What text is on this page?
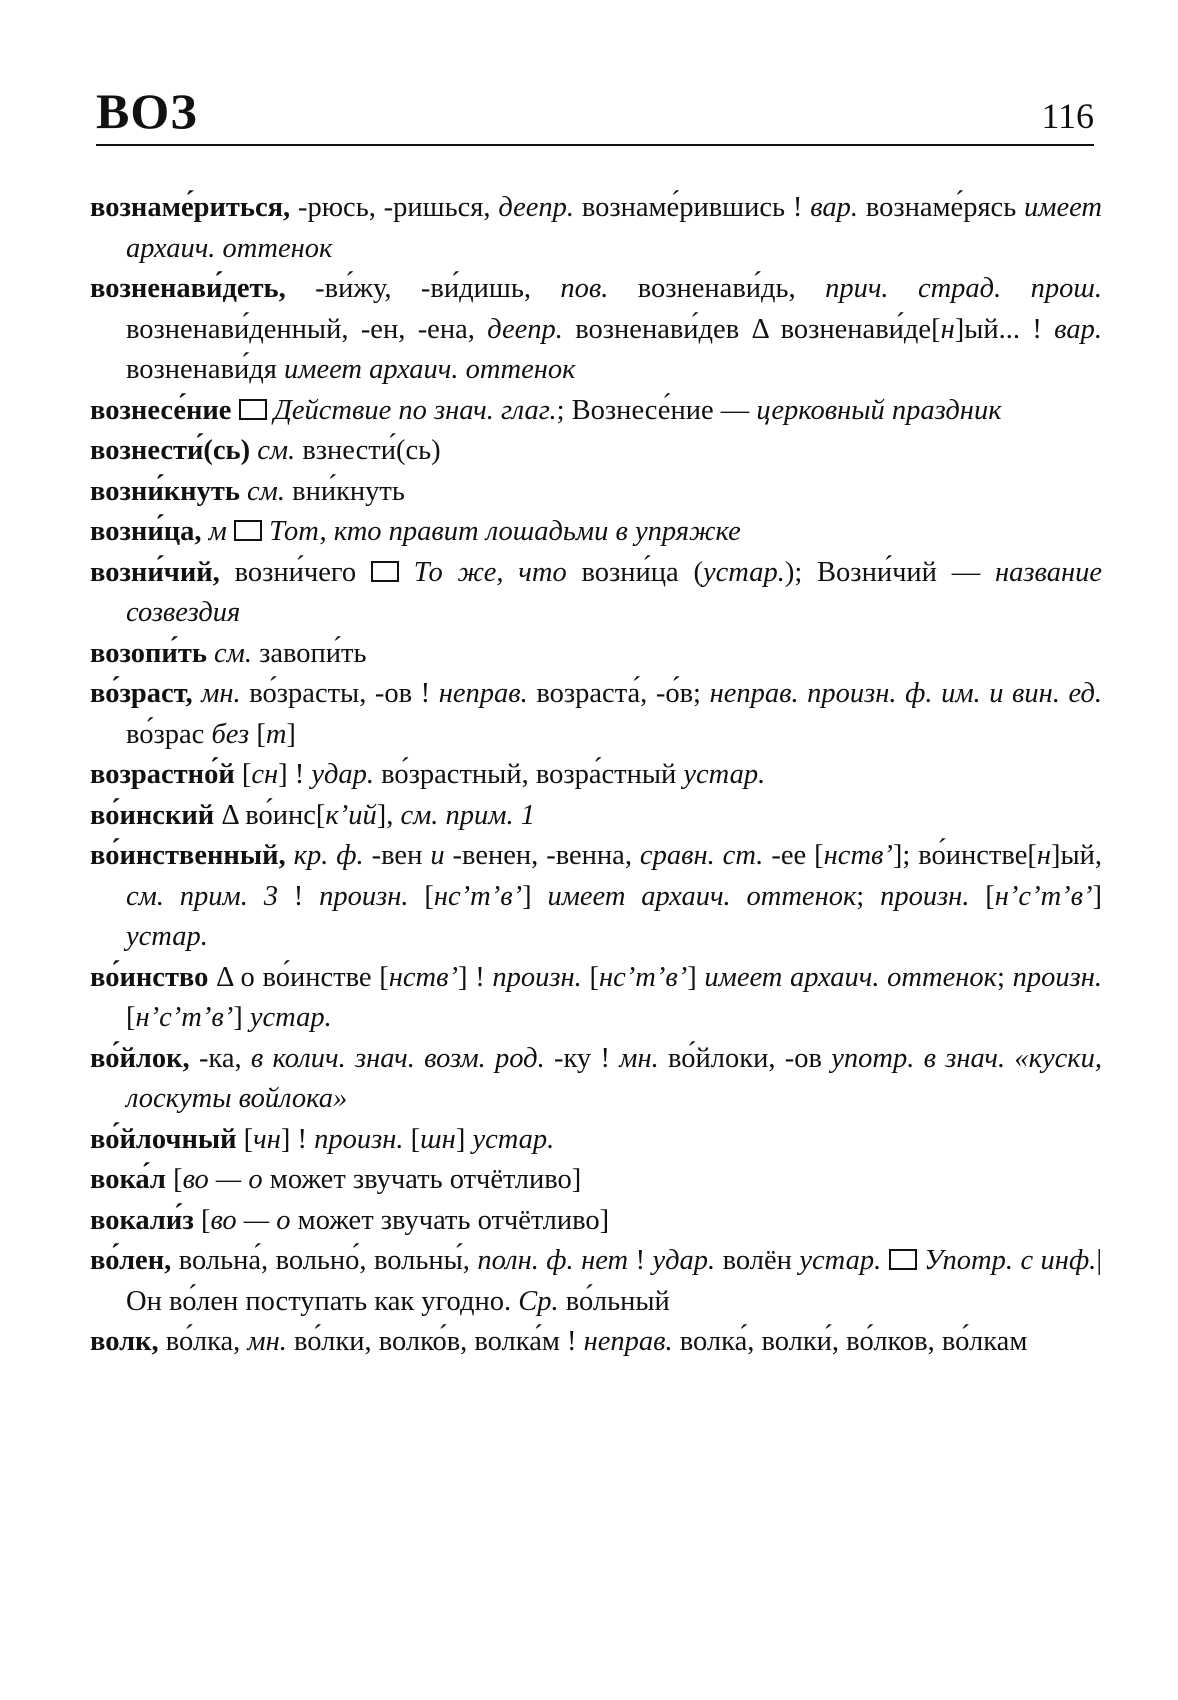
ВОЗ	116

вознаме́риться, -рюсь, -ришься, деепр. вознаме́рившись ! вар. вознаме́рясь имеет архаич. оттенок

возненави́деть, -ви́жу, -ви́дишь, пов. возненави́дь, прич. страд. прош. возненави́денный, -ен, -ена, деепр. возненави́дев Δ возненави́де[н]ый... ! вар. возненави́дя имеет архаич. оттенок

вознесе́ние Действие по знач. глаг.; Вознесе́ние — церковный праздник

вознести́(сь) см. взнести́(сь)

возни́кнуть см. вни́кнуть

возни́ца, м Тот, кто правит лошадьми в упряжке

возни́чий, возни́чего  То же, что возни́ца (устар.); Возни́чий — название созвездия

возопи́ть см. завопи́ть

во́зраст, мн. во́зрасты, -ов ! неправ. возраста́, -о́в; неправ. произн. ф. им. и вин. ед. во́зрас без [т]

возрастно́й [сн] ! удар. во́зрастный, возра́стный устар.

во́инский Δ во́инс[кʼий], см. прим. 1

во́инственный, кр. ф. -вен и -венен, -венна, сравн. ст. -ее [нствʼ]; во́инстве[н]ый, см. прим. 3 ! произн. [нсʼтʼвʼ] имеет архаич. оттенок; произн. [нʼсʼтʼвʼ] устар.

во́инство Δ о во́инстве [нствʼ] ! произн. [нсʼтʼвʼ] имеет архаич. оттенок; произн. [нʼсʼтʼвʼ] устар.

во́йлок, -ка, в колич. знач. возм. род. -ку ! мн. во́йлоки, -ов употр. в знач. «куски, лоскуты войлока»

во́йлочный [чн] ! произн. [шн] устар.

вока́л [во — о может звучать отчётливо]

вокали́з [во — о может звучать отчётливо]

во́лен, вольна́, вольно́, вольны́, полн. ф. нет ! удар. волён устар. Употр. с инф.| Он во́лен поступать как угодно. Ср. во́льный

волк, во́лка, мн. во́лки, волко́в, волка́м ! неправ. волка́, волки́, во́лков, во́лкам
